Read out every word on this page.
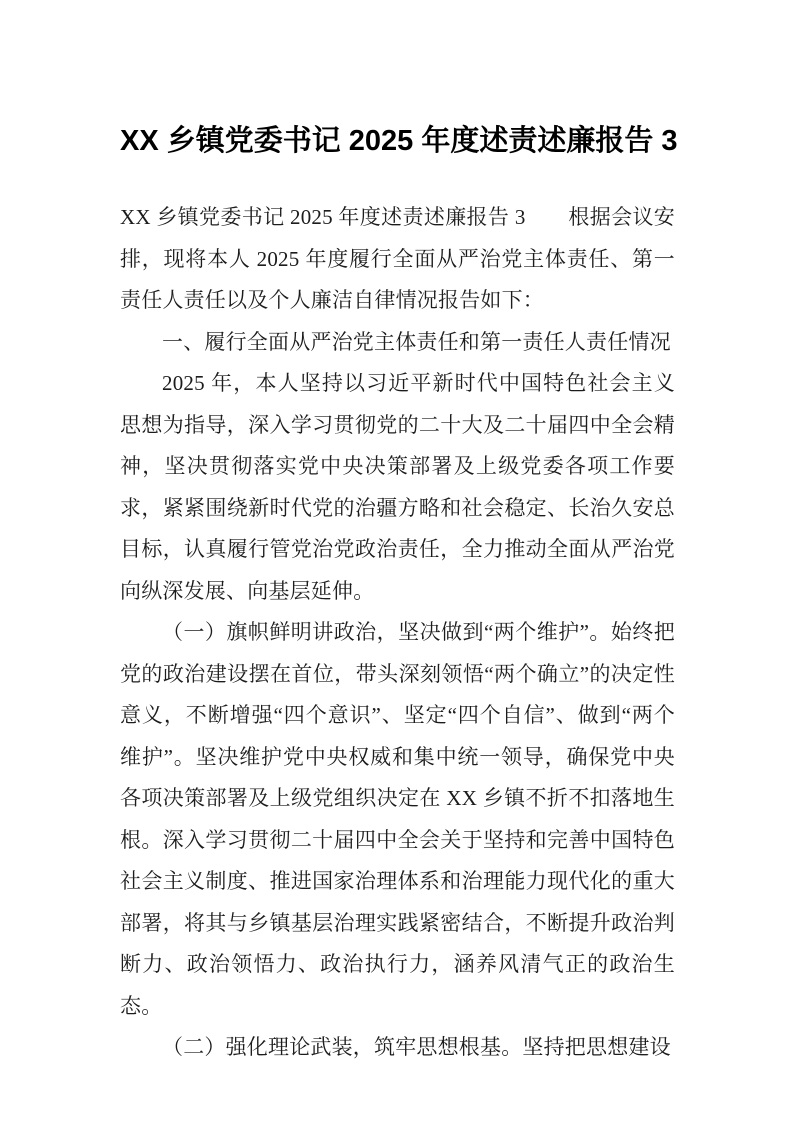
XX 乡镇党委书记 2025 年度述责述廉报告 3

XX 乡镇党委书记 2025 年度述责述廉报告 3　　根据会议安排，现将本人 2025 年度履行全面从严治党主体责任、第一责任人责任以及个人廉洁自律情况报告如下：

一、履行全面从严治党主体责任和第一责任人责任情况

2025 年，本人坚持以习近平新时代中国特色社会主义思想为指导，深入学习贯彻党的二十大及二十届四中全会精神，坚决贯彻落实党中央决策部署及上级党委各项工作要求，紧紧围绕新时代党的治疆方略和社会稳定、长治久安总目标，认真履行管党治党政治责任，全力推动全面从严治党向纵深发展、向基层延伸。

（一）旗帜鲜明讲政治，坚决做到“两个维护”。始终把党的政治建设摆在首位，带头深刻领悟“两个确立”的决定性意义，不断增强“四个意识”、坚定“四个自信”、做到“两个维护”。坚决维护党中央权威和集中统一领导，确保党中央各项决策部署及上级党组织决定在 XX 乡镇不折不扣落地生根。深入学习贯彻二十届四中全会关于坚持和完善中国特色社会主义制度、推进国家治理体系和治理能力现代化的重大部署，将其与乡镇基层治理实践紧密结合，不断提升政治判断力、政治领悟力、政治执行力，涵养风清气正的政治生态。

（二）强化理论武装，筑牢思想根基。坚持把思想建设
